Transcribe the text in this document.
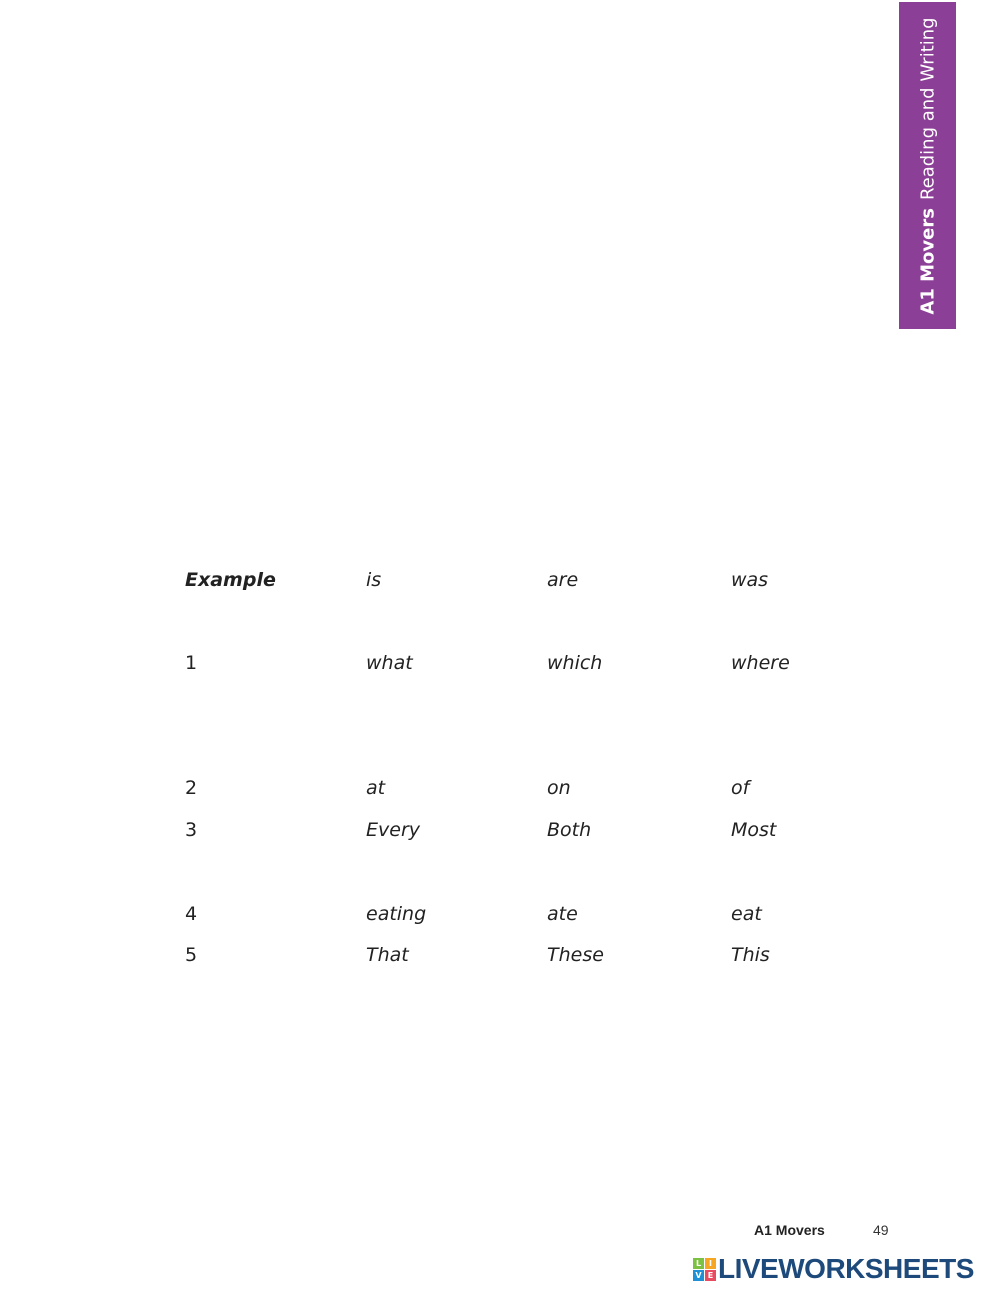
A1 MoversReading and Writing
Example	is	are	was
1	what	which	where
2	at	on	of
3	Every	Both	Most
4	eating	ate	eat
5	That	These	This
A1 Movers	49
L I
V E LIVEWORKSHEETS
